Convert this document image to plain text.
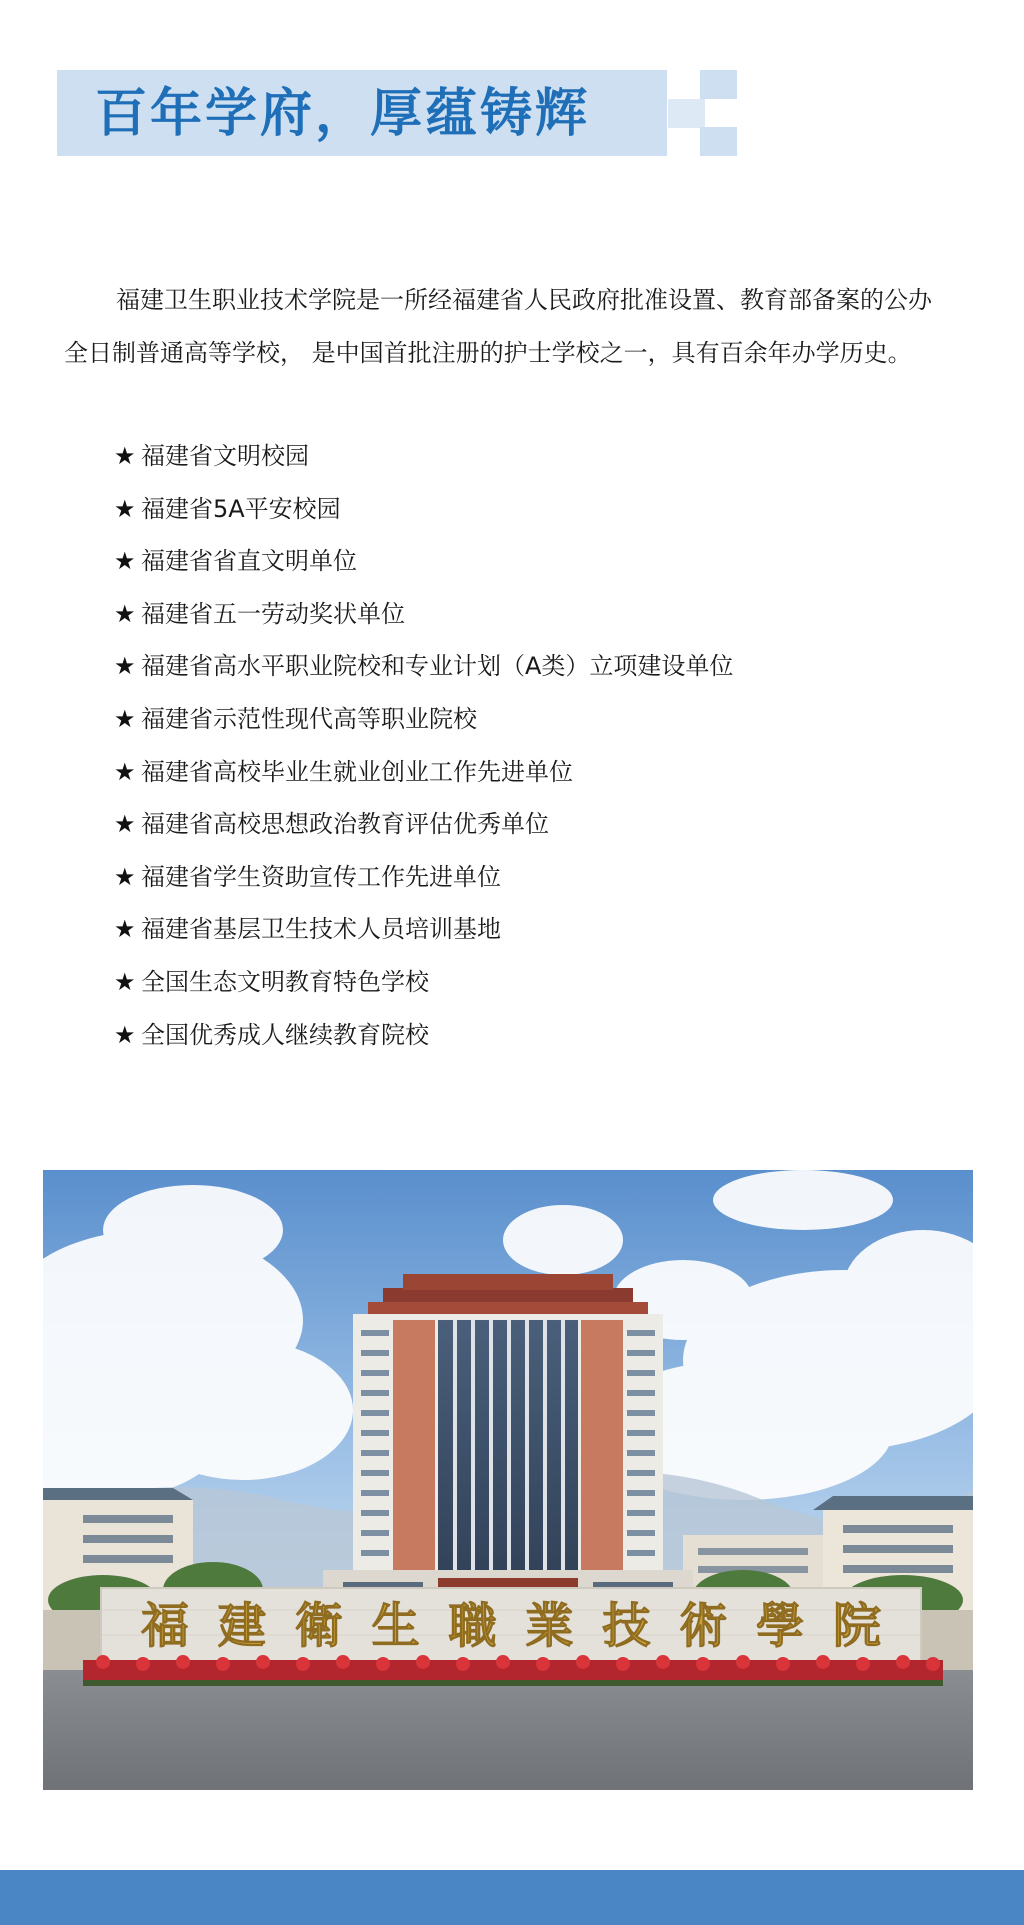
百年学府，厚蕴铸辉

福建卫生职业技术学院是一所经福建省人民政府批准设置、教育部备案的公办全日制普通高等学校， 是中国首批注册的护士学校之一，具有百余年办学历史。

★ 福建省文明校园
★ 福建省5A平安校园
★ 福建省省直文明单位
★ 福建省五一劳动奖状单位
★ 福建省高水平职业院校和专业计划（A类）立项建设单位
★ 福建省示范性现代高等职业院校
★ 福建省高校毕业生就业创业工作先进单位
★ 福建省高校思想政治教育评估优秀单位
★ 福建省学生资助宣传工作先进单位
★ 福建省基层卫生技术人员培训基地
★ 全国生态文明教育特色学校
★ 全国优秀成人继续教育院校
福建衛生職業技術學院
